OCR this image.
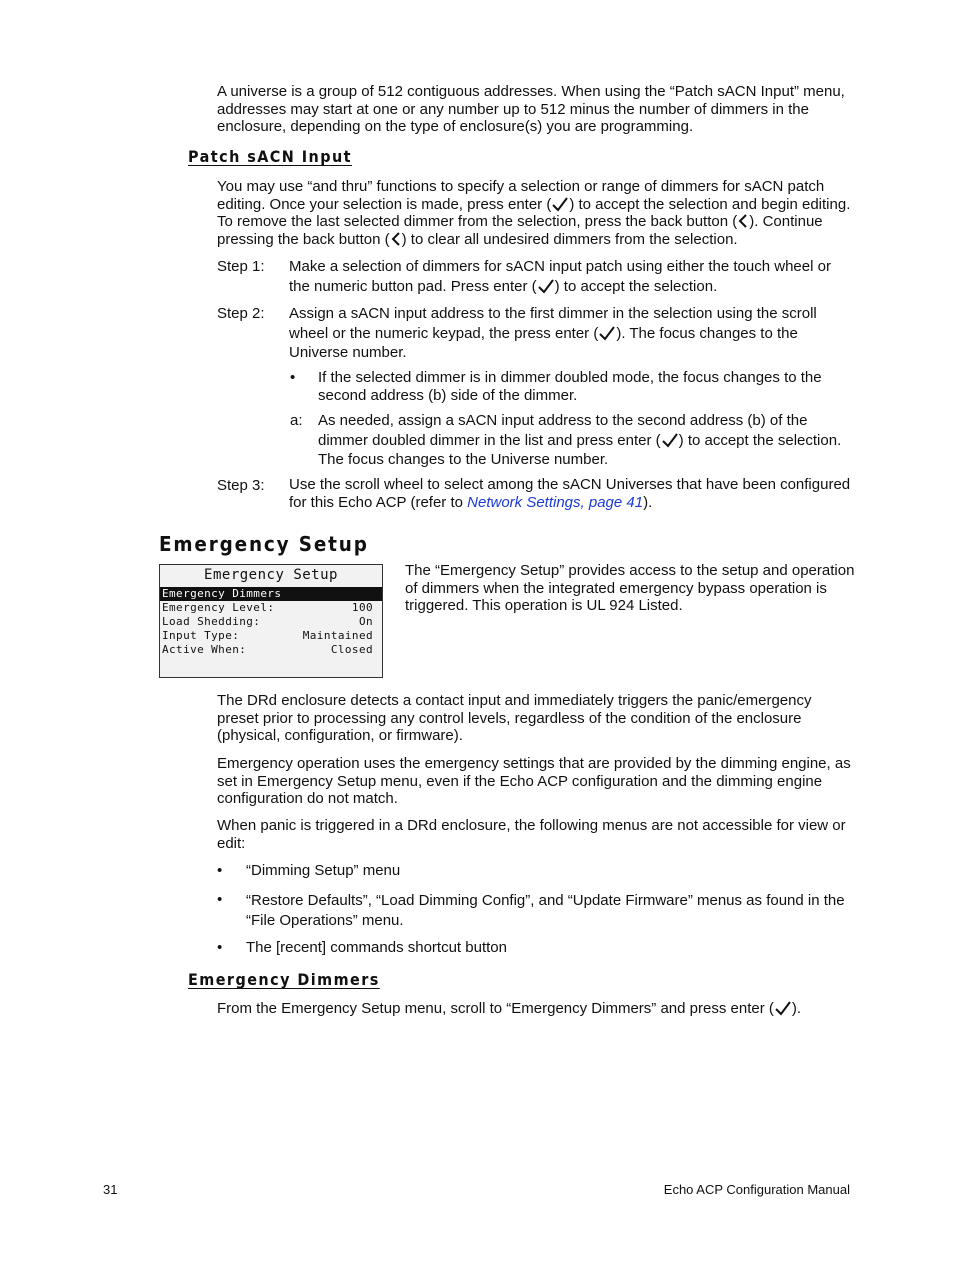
A universe is a group of 512 contiguous addresses. When using the “Patch sACN Input” menu, addresses may start at one or any number up to 512 minus the number of dimmers in the enclosure, depending on the type of enclosure(s) you are programming.

Patch sACN Input

You may use “and thru” functions to specify a selection or range of dimmers for sACN patch editing. Once your selection is made, press enter ( ) to accept the selection and begin editing. To remove the last selected dimmer from the selection, press the back button ( ). Continue pressing the back button ( ) to clear all undesired dimmers from the selection.

Step 1: Make a selection of dimmers for sACN input patch using either the touch wheel or the numeric button pad. Press enter ( ) to accept the selection.
Step 2: Assign a sACN input address to the first dimmer in the selection using the scroll wheel or the numeric keypad, the press enter ( ). The focus changes to the Universe number.
• If the selected dimmer is in dimmer doubled mode, the focus changes to the second address (b) side of the dimmer.

a: As needed, assign a sACN input address to the second address (b) of the dimmer doubled dimmer in the list and press enter ( ) to accept the selection. The focus changes to the Universe number.
Step 3: Use the scroll wheel to select among the sACN Universes that have been configured for this Echo ACP (refer to Network Settings, page 41).
Emergency Setup
Emergency Setup
Emergency Dimmers
Emergency Level:	100
Load Shedding:	On
Input Type:	Maintained
Active When:	Closed

The “Emergency Setup” provides access to the setup and operation of dimmers when the integrated emergency bypass operation is triggered. This operation is UL 924 Listed.

The DRd enclosure detects a contact input and immediately triggers the panic/emergency preset prior to processing any control levels, regardless of the condition of the enclosure (physical, configuration, or firmware).

Emergency operation uses the emergency settings that are provided by the dimming engine, as set in Emergency Setup menu, even if the Echo ACP configuration and the dimming engine configuration do not match.

When panic is triggered in a DRd enclosure, the following menus are not accessible for view or edit:

• “Dimming Setup” menu

• “Restore Defaults”, “Load Dimming Config”, and “Update Firmware” menus as found in the “File Operations” menu.

• The [recent] commands shortcut button

Emergency Dimmers

From the Emergency Setup menu, scroll to “Emergency Dimmers” and press enter ( ).

31	Echo ACP Configuration Manual
